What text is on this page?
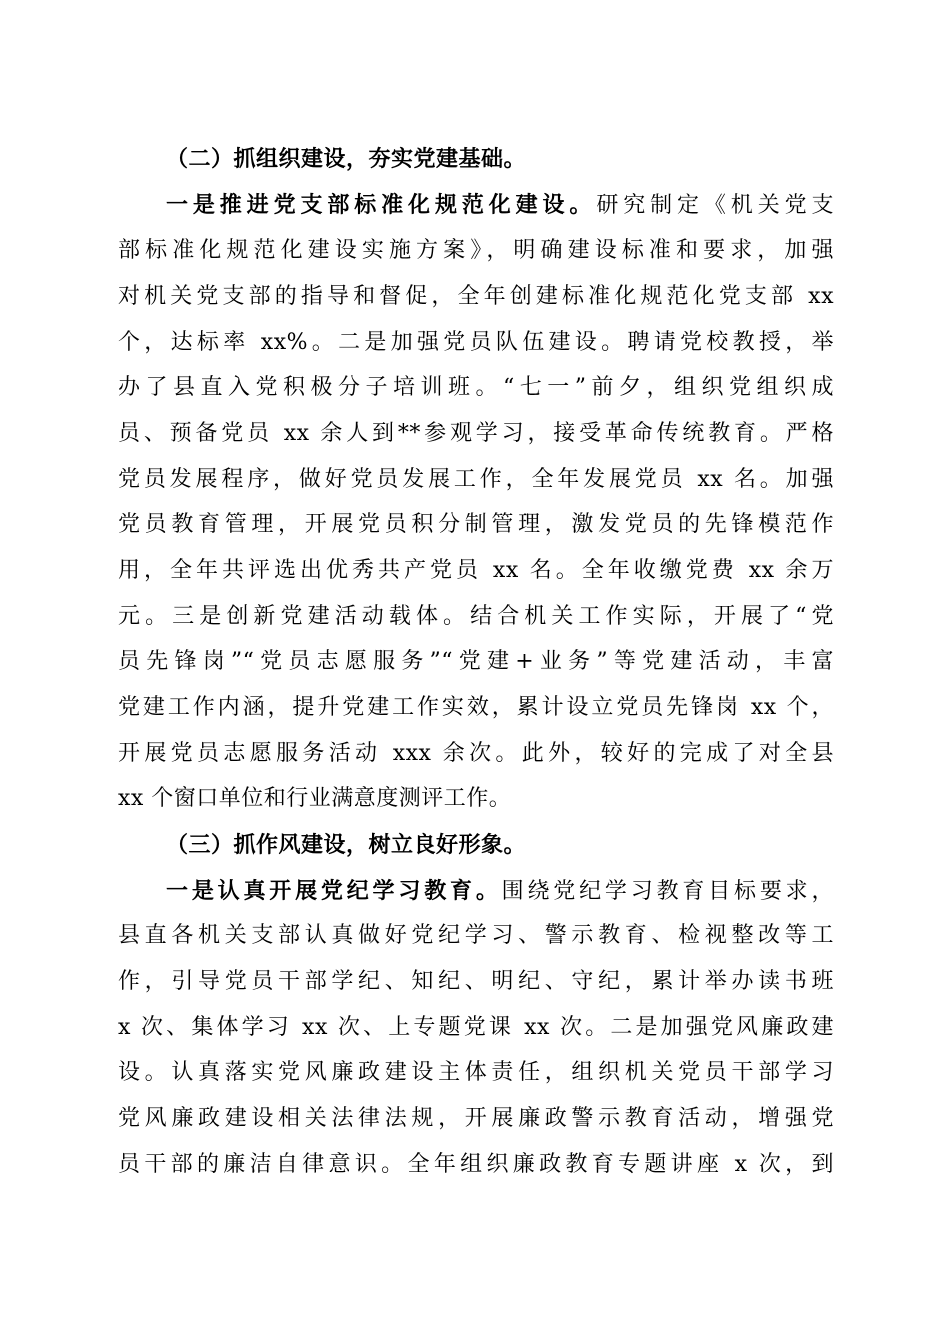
（二）抓组织建设，夯实党建基础。
一是推进党支部标准化规范化建设。研究制定《机关党支
部标准化规范化建设实施方案》，明确建设标准和要求，加强
对机关党支部的指导和督促，全年创建标准化规范化党支部 xx
个，达标率 xx%。二是加强党员队伍建设。聘请党校教授，举
办了县直入党积极分子培训班。“七一”前夕，组织党组织成
员、预备党员 xx 余人到**参观学习，接受革命传统教育。严格
党员发展程序，做好党员发展工作，全年发展党员 xx 名。加强
党员教育管理，开展党员积分制管理，激发党员的先锋模范作
用，全年共评选出优秀共产党员 xx 名。全年收缴党费 xx 余万
元。三是创新党建活动载体。结合机关工作实际，开展了“党
员先锋岗”“党员志愿服务”“党建+业务”等党建活动，丰富
党建工作内涵，提升党建工作实效，累计设立党员先锋岗 xx 个，
开展党员志愿服务活动 xxx 余次。此外，较好的完成了对全县
xx 个窗口单位和行业满意度测评工作。
（三）抓作风建设，树立良好形象。
一是认真开展党纪学习教育。围绕党纪学习教育目标要求，
县直各机关支部认真做好党纪学习、警示教育、检视整改等工
作，引导党员干部学纪、知纪、明纪、守纪，累计举办读书班
x 次、集体学习 xx 次、上专题党课 xx 次。二是加强党风廉政建
设。认真落实党风廉政建设主体责任，组织机关党员干部学习
党风廉政建设相关法律法规，开展廉政警示教育活动，增强党
员干部的廉洁自律意识。全年组织廉政教育专题讲座 x 次，到
